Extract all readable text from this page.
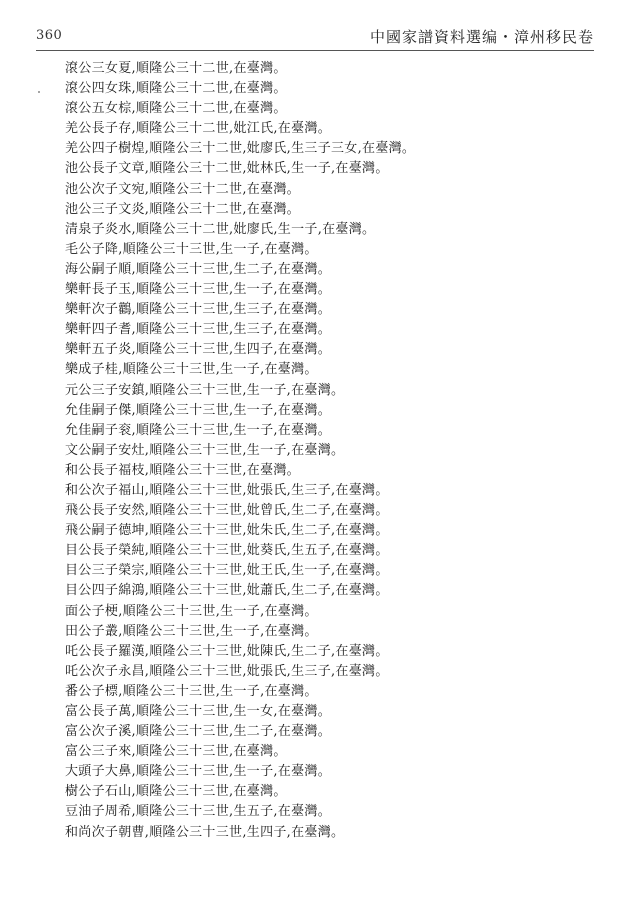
360	中國家譜資料選编・漳州移民卷
滾公三女夏,順隆公三十二世,在臺灣。
滾公四女珠,順隆公三十二世,在臺灣。
滾公五女棕,順隆公三十二世,在臺灣。
羌公長子存,順隆公三十二世,妣江氏,在臺灣。
羌公四子樹煌,順隆公三十二世,妣廖氏,生三子三女,在臺灣。
池公長子文章,順隆公三十二世,妣林氏,生一子,在臺灣。
池公次子文宛,順隆公三十二世,在臺灣。
池公三子文炎,順隆公三十二世,在臺灣。
清泉子炎水,順隆公三十二世,妣廖氏,生一子,在臺灣。
毛公子降,順隆公三十三世,生一子,在臺灣。
海公嗣子順,順隆公三十三世,生二子,在臺灣。
樂軒長子玉,順隆公三十三世,生一子,在臺灣。
樂軒次子鸛,順隆公三十三世,生三子,在臺灣。
樂軒四子耆,順隆公三十三世,生三子,在臺灣。
樂軒五子炎,順隆公三十三世,生四子,在臺灣。
樂成子桂,順隆公三十三世,生一子,在臺灣。
元公三子安鎮,順隆公三十三世,生一子,在臺灣。
允佳嗣子傑,順隆公三十三世,生一子,在臺灣。
允佳嗣子衮,順隆公三十三世,生一子,在臺灣。
文公嗣子安灶,順隆公三十三世,生一子,在臺灣。
和公長子福枝,順隆公三十三世,在臺灣。
和公次子福山,順隆公三十三世,妣張氏,生三子,在臺灣。
飛公長子安然,順隆公三十三世,妣曾氏,生二子,在臺灣。
飛公嗣子德坤,順隆公三十三世,妣朱氏,生二子,在臺灣。
目公長子榮純,順隆公三十三世,妣葵氏,生五子,在臺灣。
目公三子榮宗,順隆公三十三世,妣王氏,生一子,在臺灣。
目公四子綿鴻,順隆公三十三世,妣蕭氏,生二子,在臺灣。
面公子梗,順隆公三十三世,生一子,在臺灣。
田公子叢,順隆公三十三世,生一子,在臺灣。
吒公長子羅漢,順隆公三十三世,妣陳氏,生二子,在臺灣。
吒公次子永昌,順隆公三十三世,妣張氏,生三子,在臺灣。
番公子標,順隆公三十三世,生一子,在臺灣。
富公長子萬,順隆公三十三世,生一女,在臺灣。
富公次子溪,順隆公三十三世,生二子,在臺灣。
富公三子來,順隆公三十三世,在臺灣。
大頭子大鼻,順隆公三十三世,生一子,在臺灣。
樹公子石山,順隆公三十三世,在臺灣。
豆油子周希,順隆公三十三世,生五子,在臺灣。
和尚次子朝曹,順隆公三十三世,生四子,在臺灣。
